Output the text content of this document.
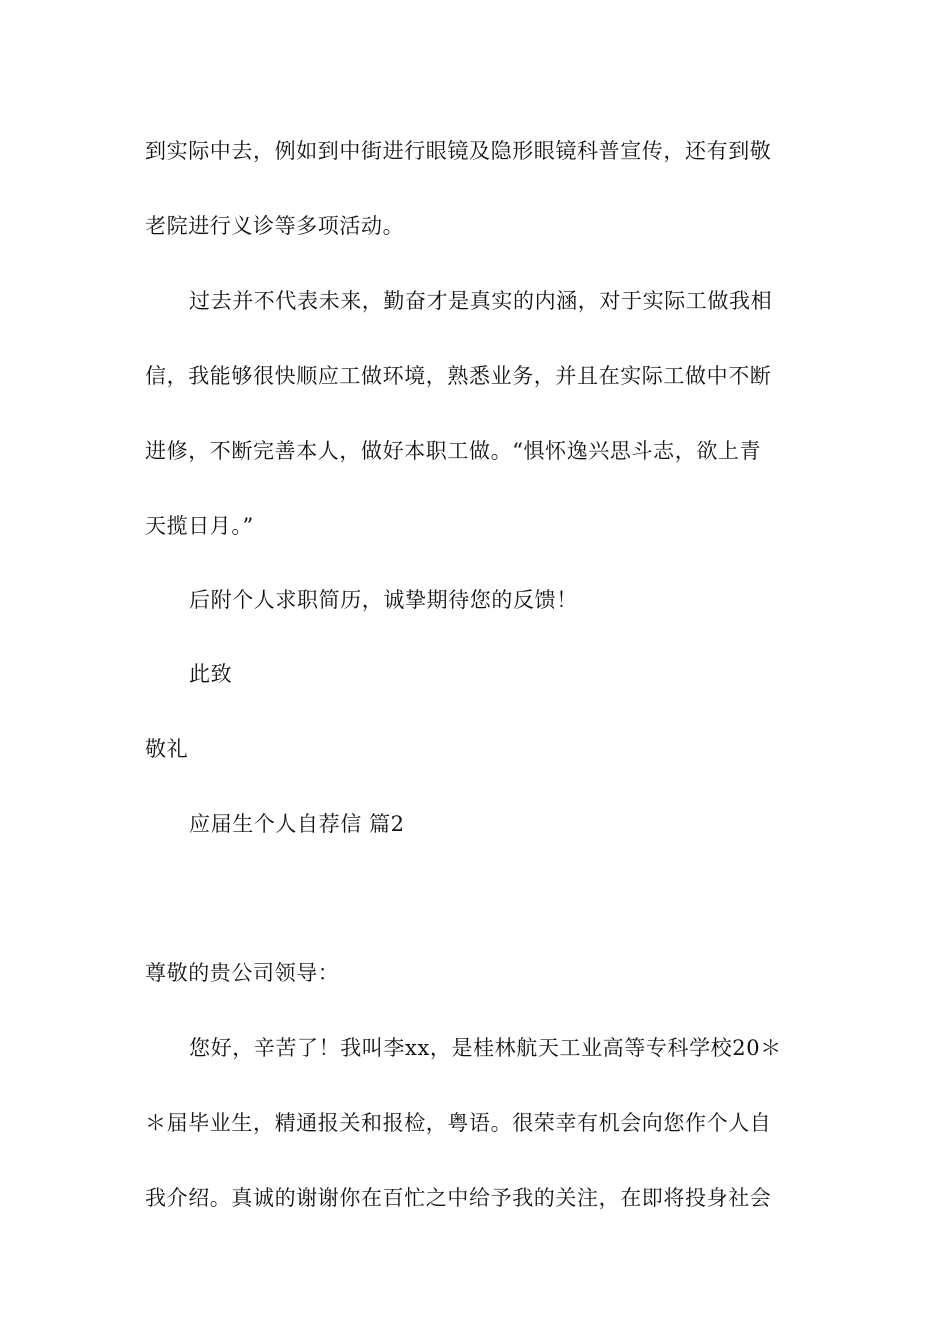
到实际中去，例如到中街进行眼镜及隐形眼镜科普宣传，还有到敬
老院进行义诊等多项活动。
过去并不代表未来，勤奋才是真实的内涵，对于实际工做我相
信，我能够很快顺应工做环境，熟悉业务，并且在实际工做中不断
进修，不断完善本人，做好本职工做。“惧怀逸兴思斗志，欲上青
天揽日月。”
后附个人求职简历，诚挚期待您的反馈！
此致
敬礼
应届生个人自荐信 篇2
尊敬的贵公司领导：
您好，辛苦了！我叫李xx，是桂林航天工业高等专科学校20＊
＊届毕业生，精通报关和报检，粤语。很荣幸有机会向您作个人自
我介绍。真诚的谢谢你在百忙之中给予我的关注，在即将投身社会
